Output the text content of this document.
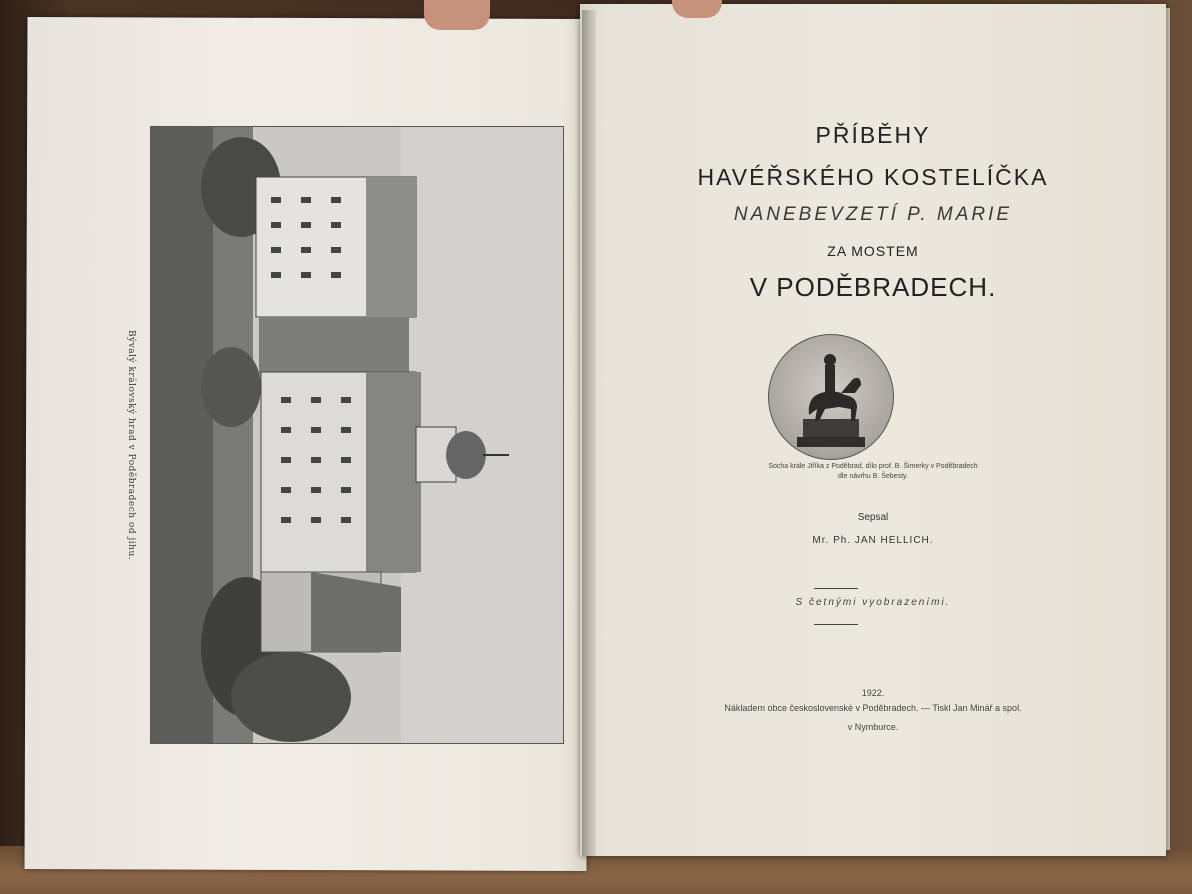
Bývalý královský hrad v Poděbradech od jihu.
PŘÍBĚHY
HAVÉŘSKÉHO KOSTELÍČKA
NANEBEVZETÍ P. MARIE
ZA MOSTEM
V PODĚBRADECH.
Socha krále Jiříka z Poděbrad, dílo prof. B. Šimerky v Poděbradech
dle návrhu B. Šebesty.
Sepsal
Mr. Ph. JAN HELLICH.
S četnými vyobrazeními.
1922.
Nákladem obce československé v Poděbradech. — Tiskl Jan Minář a spol.
v Nymburce.
